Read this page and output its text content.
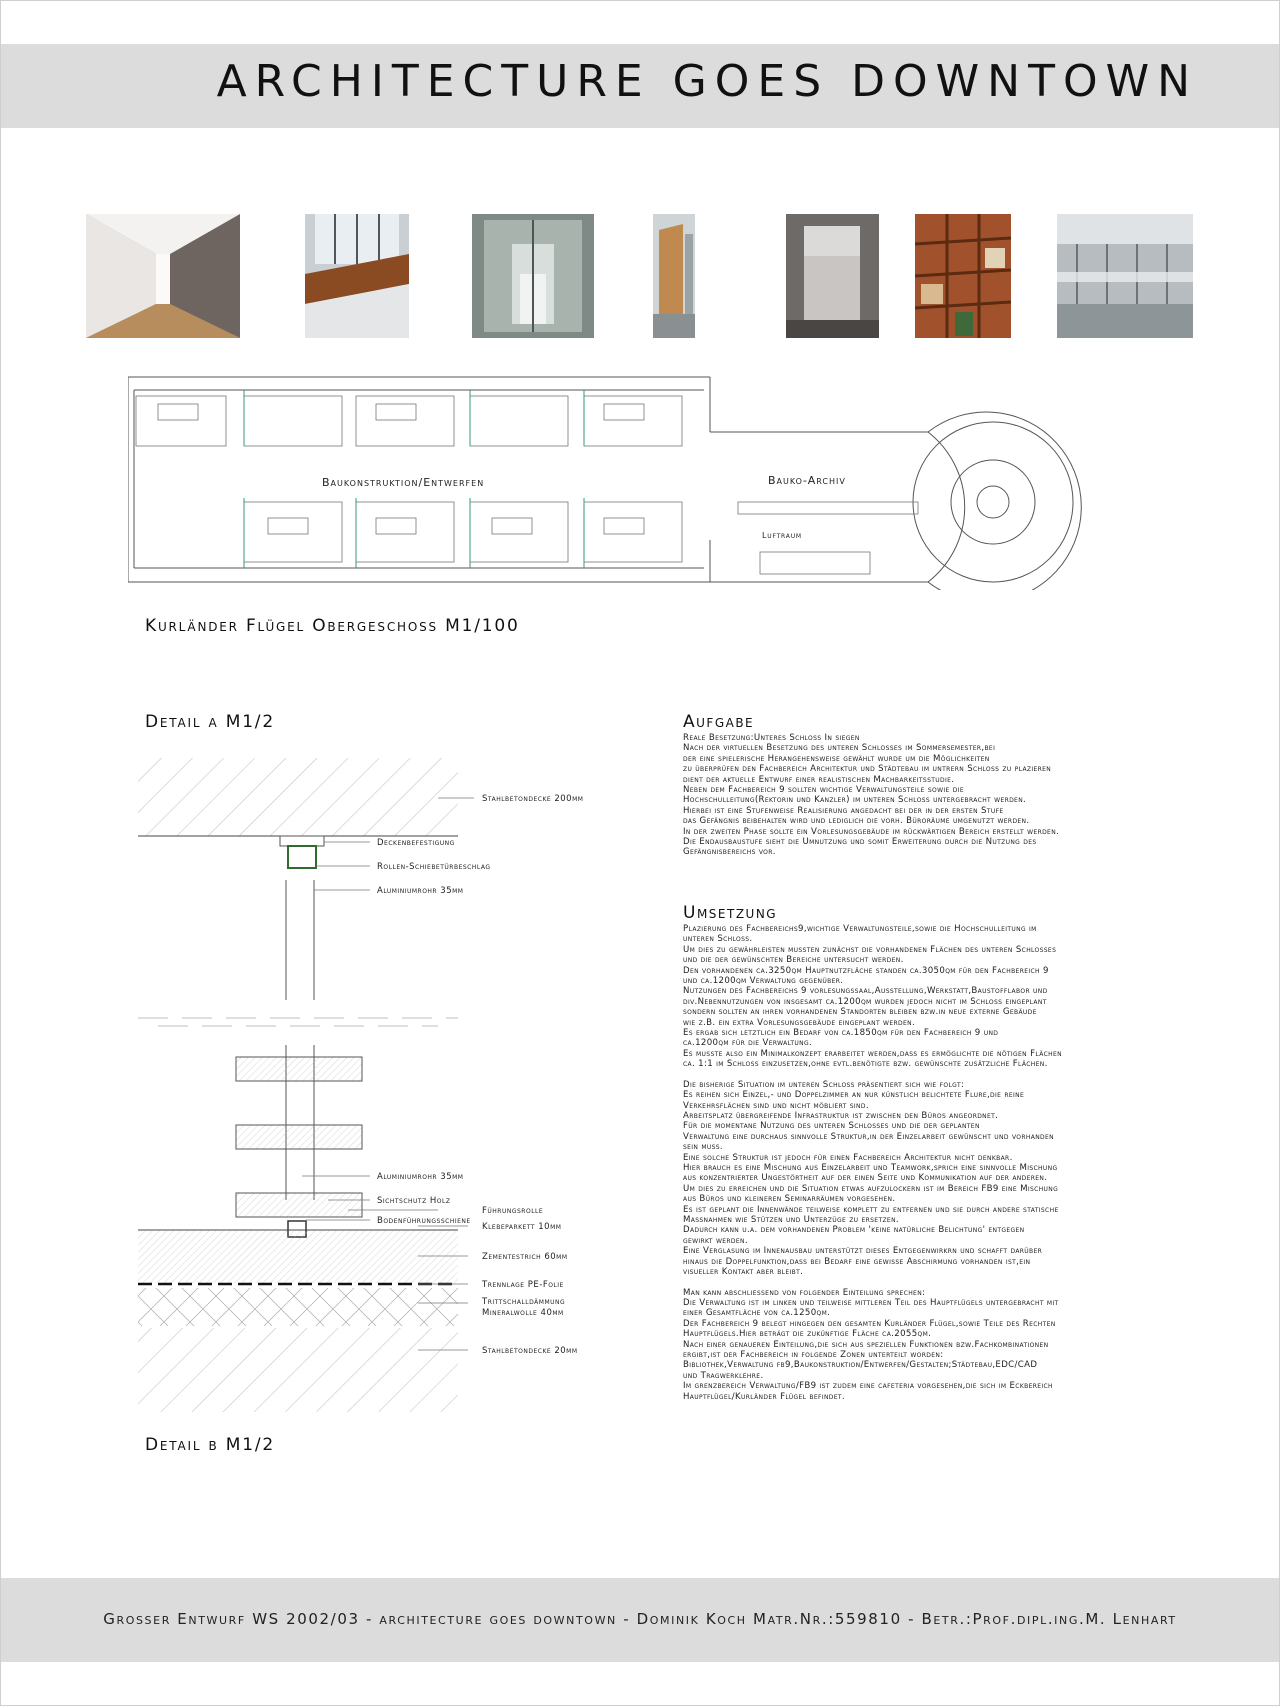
ARCHITECTURE GOES DOWNTOWN
Baukonstruktion/Entwerfen	Bauko-Archiv
Luftraum
Kurländer Flügel Obergeschoss M1/100
Detail a M1/2
Stahlbetondecke 200mm
Deckenbefestigung
Rollen-Schiebetürbeschlag
Aluminiumrohr 35mm
Aluminiumrohr 35mm
Sichtschutz Holz
Führungsrolle
Bodenführungsschiene
Klebeparkett 10mm
Zementestrich 60mm
Trennlage PE-Folie
Trittschalldämmung
Mineralwolle 40mm
Stahlbetondecke 20mm
Detail b M1/2
Aufgabe
Reale Besetzung:Unteres Schloss In siegen
Nach der virtuellen Besetzung des unteren Schlosses im Sommersemester,bei
der eine spielerische Herangehensweise gewählt wurde um die Möglichkeiten
zu überprüfen den Fachbereich Architektur und Städtebau im untrern Schloss zu plazieren
dient der aktuelle Entwurf einer realistischen Machbarkeitsstudie.
Neben dem Fachbereich 9 sollten wichtige Verwaltungsteile sowie die
Hochschulleitung(Rektorin und Kanzler) im unteren Schloss untergebracht werden.
Hierbei ist eine Stufenweise Realisierung angedacht bei der in der ersten Stufe
das Gefängnis beibehalten wird und lediglich die vorh. Büroräume umgenutzt werden.
In der zweiten Phase sollte ein Vorlesungsgebäude im rückwärtigen Bereich erstellt werden.
Die Endausbaustufe sieht die Umnutzung und somit Erweiterung durch die Nutzung des
Gefängnisbereichs vor.
Umsetzung
Plazierung des Fachbereichs9,wichtige Verwaltungsteile,sowie die Hochschulleitung im
unteren Schloss.
Um dies zu gewährleisten mussten zunächst die vorhandenen Flächen des unteren Schlosses
und die der gewünschten Bereiche untersucht werden.
Den vorhandenen ca.3250qm Hauptnutzfläche standen ca.3050qm für den Fachbereich 9
und ca.1200qm Verwaltung gegenüber.
Nutzungen des Fachbereichs 9 vorlesungssaal,Ausstellung,Werkstatt,Baustofflabor und
div.Nebennutzungen von insgesamt ca.1200qm wurden jedoch nicht im Schloss eingeplant
sondern sollten an ihren vorhandenen Standorten bleiben bzw.in neue externe Gebäude
wie z.B. ein extra Vorlesungsgebäude eingeplant werden.
Es ergab sich letztlich ein Bedarf von ca.1850qm für den Fachbereich 9 und
ca.1200qm für die Verwaltung.
Es musste also ein Minimalkonzept erarbeitet werden,dass es ermöglichte die nötigen Flächen
ca. 1:1 im Schloss einzusetzen,ohne evtl.benötigte bzw. gewünschte zusätzliche Flächen.
Die bisherige Situation im unteren Schloss präsentiert sich wie folgt:
Es reihen sich Einzel,- und Doppelzimmer an nur künstlich belichtete Flure,die reine
Verkehrsflächen sind und nicht möbliert sind.
Arbeitsplatz übergreifende Infrastruktur ist zwischen den Büros angeordnet.
Für die momentane Nutzung des unteren Schlosses und die der geplanten
Verwaltung eine durchaus sinnvolle Struktur,in der Einzelarbeit gewünscht und vorhanden
sein muss.
Eine solche Struktur ist jedoch für einen Fachbereich Architektur nicht denkbar.
Hier brauch es eine Mischung aus Einzelarbeit und Teamwork,sprich eine sinnvolle Mischung
aus konzentrierter Ungestörtheit auf der einen Seite und Kommunikation auf der anderen.
Um dies zu erreichen und die Situation etwas aufzulockern ist im Bereich FB9 eine Mischung
aus Büros und kleineren Seminarräumen vorgesehen.
Es ist geplant die Innenwände teilweise komplett zu entfernen und sie durch andere statische
Massnahmen wie Stützen und Unterzüge zu ersetzen.
Dadurch kann u.a. dem vorhandenen Problem 'keine natürliche Belichtung' entgegen
gewirkt werden.
Eine Verglasung im Innenausbau unterstützt dieses Entgegenwirkrn und schafft darüber
hinaus die Doppelfunktion,dass bei Bedarf eine gewisse Abschirmung vorhanden ist,ein
visueller Kontakt aber bleibt.
Man kann abschliessend von folgender Einteilung sprechen:
Die Verwaltung ist im linken und teilweise mittleren Teil des Hauptflügels untergebracht mit
einer Gesamtfläche von ca.1250qm.
Der Fachbereich 9 belegt hingegen den gesamten Kurländer Flügel,sowie Teile des Rechten
Hauptflügels.Hier beträgt die zukünftige Fläche ca.2055qm.
Nach einer genaueren Einteilung,die sich aus speziellen Funktionen bzw.Fachkombinationen
ergibt,ist der Fachbereich in folgende Zonen unterteilt worden:
Bibliothek,Verwaltung fb9,Baukonstruktion/Entwerfen/Gestalten;Städtebau,EDC/CAD
und Tragwerklehre.
Im grenzbereich Verwaltung/FB9 ist zudem eine cafeteria vorgesehen,die sich im Eckbereich
Hauptflügel/Kurländer Flügel befindet.
Grosser Entwurf WS 2002/03 - architecture goes downtown - Dominik Koch Matr.Nr.:559810 - Betr.:Prof.dipl.ing.M. Lenhart
